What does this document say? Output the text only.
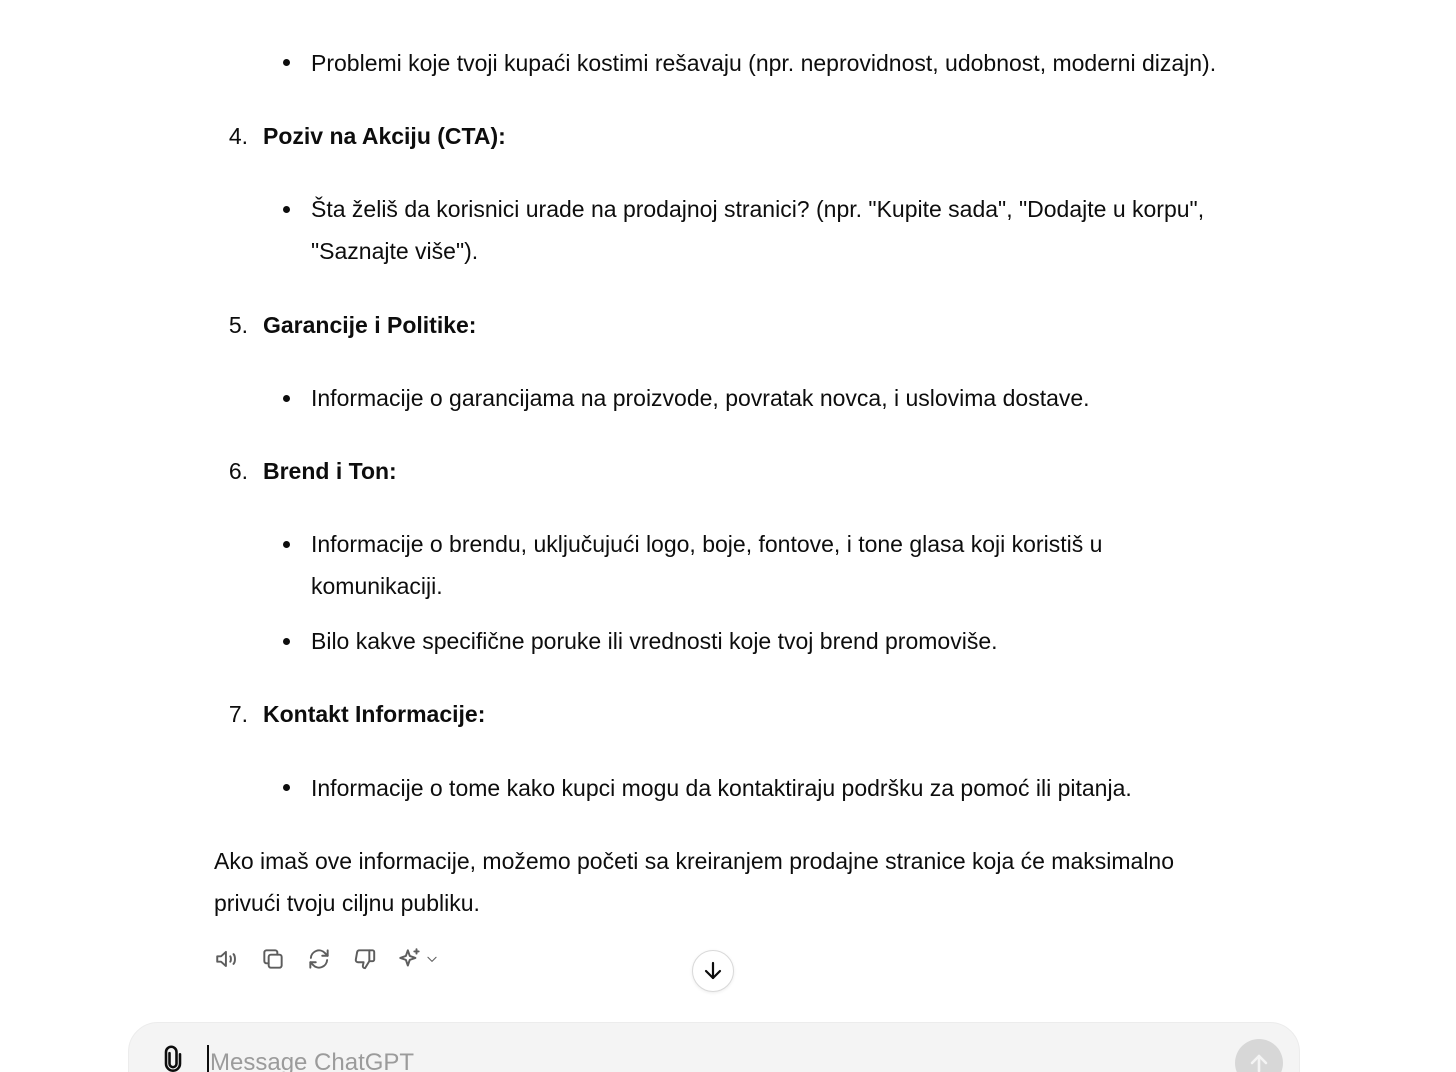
Problemi koje tvoji kupaći kostimi rešavaju (npr. neprovidnost, udobnost, moderni dizajn).
4. Poziv na Akciju (CTA):
Šta želiš da korisnici urade na prodajnoj stranici? (npr. "Kupite sada", "Dodajte u korpu",
"Saznajte više").
5. Garancije i Politike:
Informacije o garancijama na proizvode, povratak novca, i uslovima dostave.
6. Brend i Ton:
Informacije o brendu, uključujući logo, boje, fontove, i tone glasa koji koristiš u
komunikaciji.
Bilo kakve specifične poruke ili vrednosti koje tvoj brend promoviše.
7. Kontakt Informacije:
Informacije o tome kako kupci mogu da kontaktiraju podršku za pomoć ili pitanja.
Ako imaš ove informacije, možemo početi sa kreiranjem prodajne stranice koja će maksimalno
privući tvoju ciljnu publiku.
Message ChatGPT
